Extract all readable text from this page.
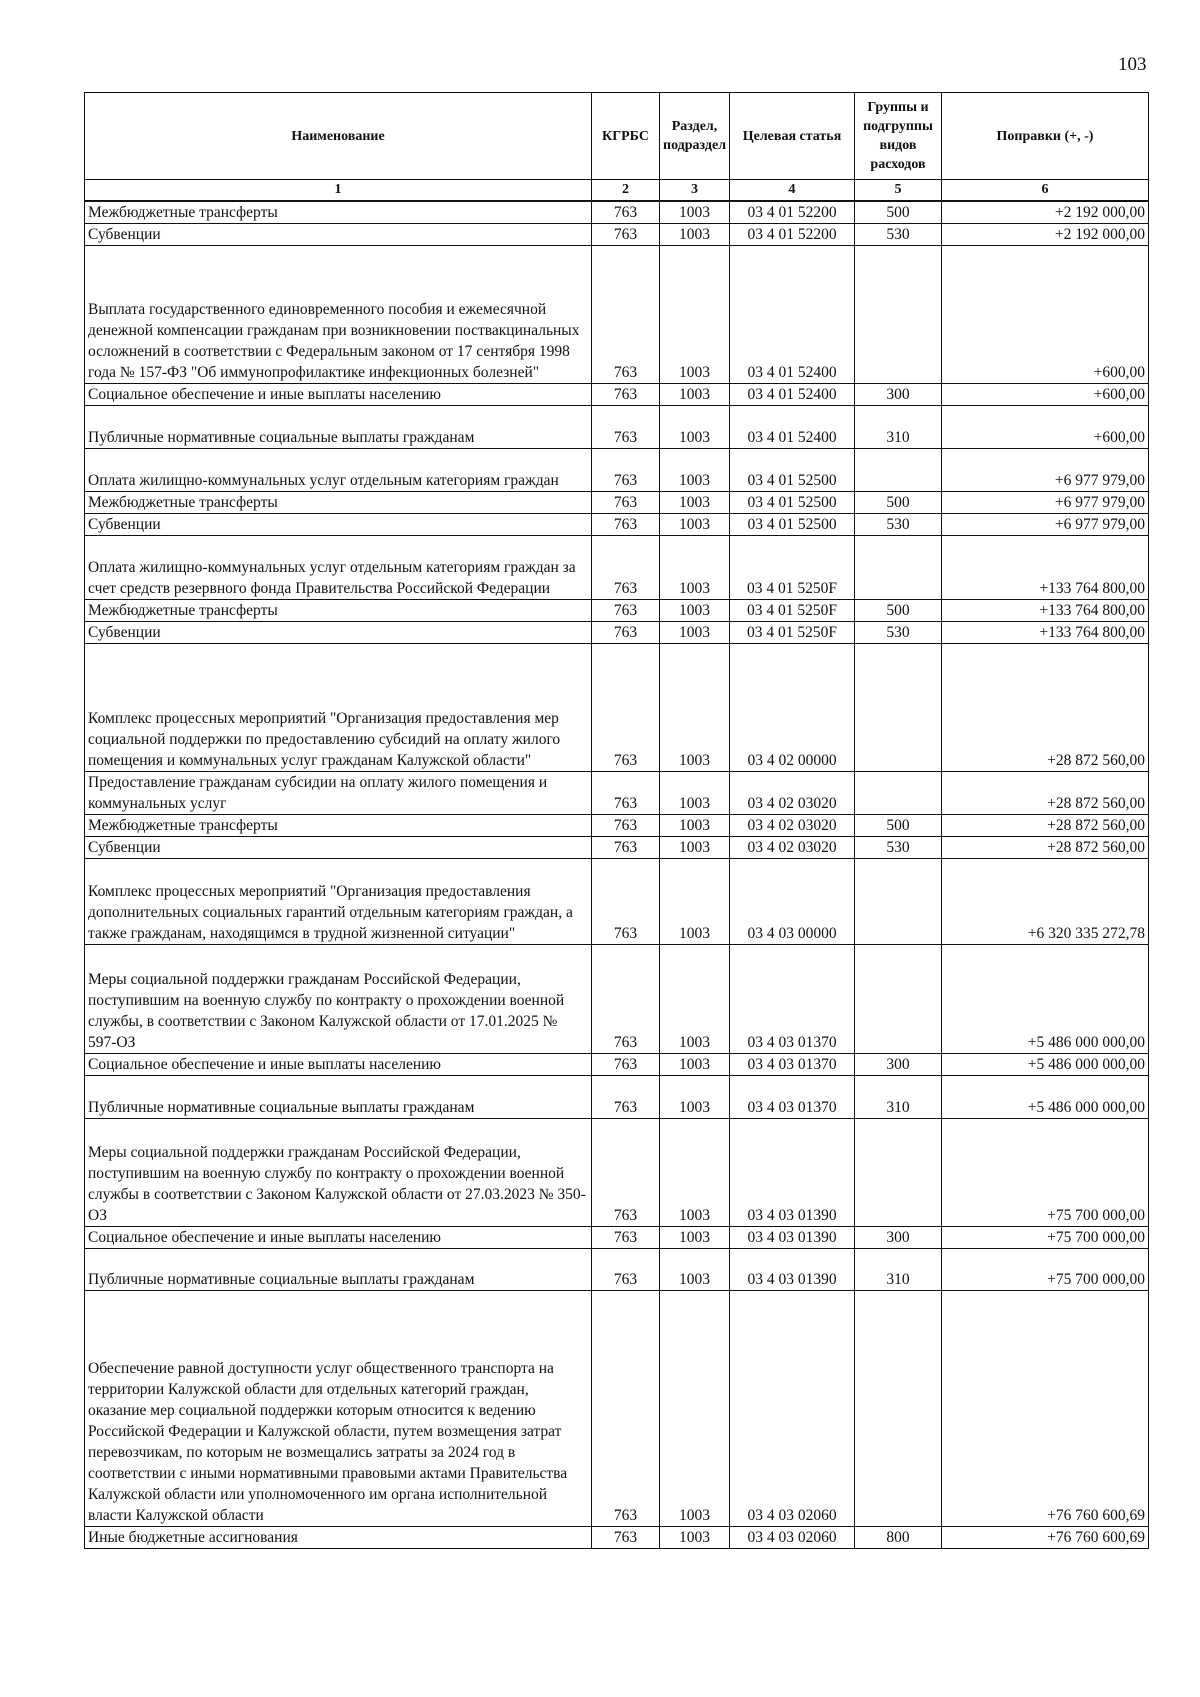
103
Наименование	КГРБС	Раздел, подраздел	Целевая статья	Группы и подгруппы видов расходов	Поправки (+, -)
1	2	3	4	5	6
Межбюджетные трансферты	763	1003	03 4 01 52200	500	+2 192 000,00
Субвенции	763	1003	03 4 01 52200	530	+2 192 000,00
Выплата государственного единовременного пособия и ежемесячной денежной компенсации гражданам при возникновении поствакцинальных осложнений в соответствии с Федеральным законом от 17 сентября 1998 года № 157-ФЗ "Об иммунопрофилактике инфекционных болезней"	763	1003	03 4 01 52400		+600,00
Социальное обеспечение и иные выплаты населению	763	1003	03 4 01 52400	300	+600,00
Публичные нормативные социальные выплаты гражданам	763	1003	03 4 01 52400	310	+600,00
Оплата жилищно-коммунальных услуг отдельным категориям граждан	763	1003	03 4 01 52500		+6 977 979,00
Межбюджетные трансферты	763	1003	03 4 01 52500	500	+6 977 979,00
Субвенции	763	1003	03 4 01 52500	530	+6 977 979,00
Оплата жилищно-коммунальных услуг отдельным категориям граждан за счет средств резервного фонда Правительства Российской Федерации	763	1003	03 4 01 5250F		+133 764 800,00
Межбюджетные трансферты	763	1003	03 4 01 5250F	500	+133 764 800,00
Субвенции	763	1003	03 4 01 5250F	530	+133 764 800,00
Комплекс процессных мероприятий "Организация предоставления мер социальной поддержки по предоставлению субсидий на оплату жилого помещения и коммунальных услуг гражданам Калужской области"	763	1003	03 4 02 00000		+28 872 560,00
Предоставление гражданам субсидии на оплату жилого помещения и коммунальных услуг	763	1003	03 4 02 03020		+28 872 560,00
Межбюджетные трансферты	763	1003	03 4 02 03020	500	+28 872 560,00
Субвенции	763	1003	03 4 02 03020	530	+28 872 560,00
Комплекс процессных мероприятий "Организация предоставления дополнительных социальных гарантий отдельным категориям граждан, а также гражданам, находящимся в трудной жизненной ситуации"	763	1003	03 4 03 00000		+6 320 335 272,78
Меры социальной поддержки гражданам Российской Федерации, поступившим на военную службу по контракту о прохождении военной службы, в соответствии с Законом Калужской области от 17.01.2025 № 597-ОЗ	763	1003	03 4 03 01370		+5 486 000 000,00
Социальное обеспечение и иные выплаты населению	763	1003	03 4 03 01370	300	+5 486 000 000,00
Публичные нормативные социальные выплаты гражданам	763	1003	03 4 03 01370	310	+5 486 000 000,00
Меры социальной поддержки гражданам Российской Федерации, поступившим на военную службу по контракту о прохождении военной службы в соответствии с Законом Калужской области от 27.03.2023 № 350-ОЗ	763	1003	03 4 03 01390		+75 700 000,00
Социальное обеспечение и иные выплаты населению	763	1003	03 4 03 01390	300	+75 700 000,00
Публичные нормативные социальные выплаты гражданам	763	1003	03 4 03 01390	310	+75 700 000,00
Обеспечение равной доступности услуг общественного транспорта на территории Калужской области для отдельных категорий граждан, оказание мер социальной поддержки которым относится к ведению Российской Федерации и Калужской области, путем возмещения затрат перевозчикам, по которым не возмещались затраты за 2024 год в соответствии с иными нормативными правовыми актами Правительства Калужской области или уполномоченного им органа исполнительной власти Калужской области	763	1003	03 4 03 02060		+76 760 600,69
Иные бюджетные ассигнования	763	1003	03 4 03 02060	800	+76 760 600,69
